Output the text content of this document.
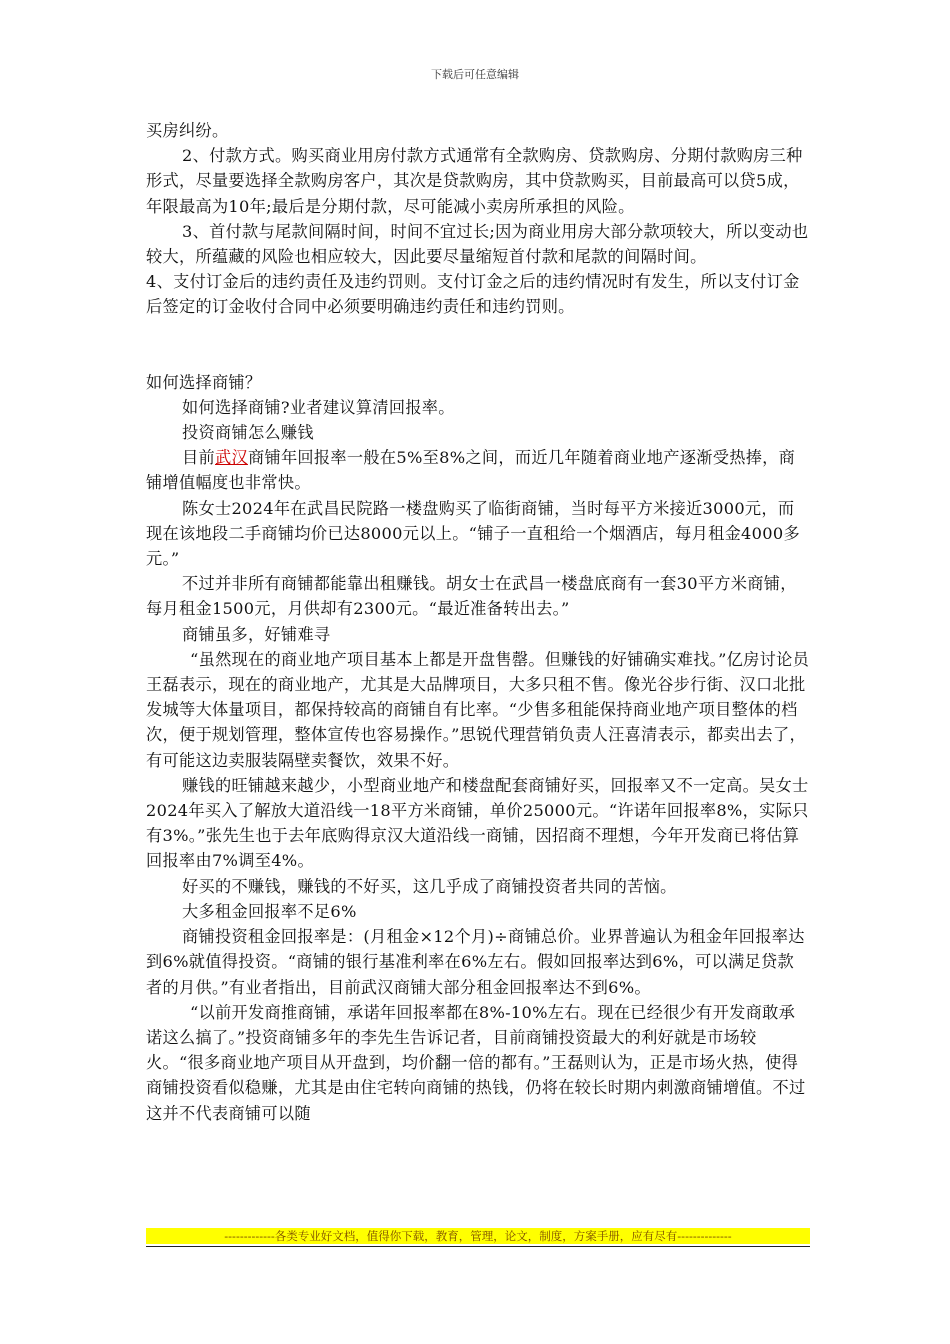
下载后可任意编辑

买房纠纷。

2、付款方式。购买商业用房付款方式通常有全款购房、贷款购房、分期付款购房三种形式，尽量要选择全款购房客户，其次是贷款购房，其中贷款购买，目前最高可以贷5成，年限最高为10年;最后是分期付款，尽可能减小卖房所承担的风险。

3、首付款与尾款间隔时间，时间不宜过长;因为商业用房大部分款项较大，所以变动也较大，所蕴藏的风险也相应较大，因此要尽量缩短首付款和尾款的间隔时间。

4、支付订金后的违约责任及违约罚则。支付订金之后的违约情况时有发生，所以支付订金后签定的订金收付合同中必须要明确违约责任和违约罚则。

如何选择商铺？

如何选择商铺?业者建议算清回报率。

投资商铺怎么赚钱

目前武汉商铺年回报率一般在5%至8%之间，而近几年随着商业地产逐渐受热捧，商铺增值幅度也非常快。

陈女士2024年在武昌民院路一楼盘购买了临街商铺，当时每平方米接近3000元，而现在该地段二手商铺均价已达8000元以上。“铺子一直租给一个烟酒店，每月租金4000多元。”

不过并非所有商铺都能靠出租赚钱。胡女士在武昌一楼盘底商有一套30平方米商铺，每月租金1500元，月供却有2300元。“最近准备转出去。”

商铺虽多，好铺难寻

“虽然现在的商业地产项目基本上都是开盘售罄。但赚钱的好铺确实难找。”亿房讨论员王磊表示，现在的商业地产，尤其是大品牌项目，大多只租不售。像光谷步行街、汉口北批发城等大体量项目，都保持较高的商铺自有比率。“少售多租能保持商业地产项目整体的档次，便于规划管理，整体宣传也容易操作。”思锐代理营销负责人汪喜清表示，都卖出去了，有可能这边卖服装隔壁卖餐饮，效果不好。

赚钱的旺铺越来越少，小型商业地产和楼盘配套商铺好买，回报率又不一定高。吴女士2024年买入了解放大道沿线一18平方米商铺，单价25000元。“许诺年回报率8%，实际只有3%。”张先生也于去年底购得京汉大道沿线一商铺，因招商不理想，今年开发商已将估算回报率由7%调至4%。

好买的不赚钱，赚钱的不好买，这几乎成了商铺投资者共同的苦恼。

大多租金回报率不足6%

商铺投资租金回报率是：(月租金×12个月)÷商铺总价。业界普遍认为租金年回报率达到6%就值得投资。“商铺的银行基准利率在6%左右。假如回报率达到6%，可以满足贷款者的月供。”有业者指出，目前武汉商铺大部分租金回报率达不到6%。

“以前开发商推商铺，承诺年回报率都在8%-10%左右。现在已经很少有开发商敢承诺这么搞了。”投资商铺多年的李先生告诉记者，目前商铺投资最大的利好就是市场较火。“很多商业地产项目从开盘到，均价翻一倍的都有。”王磊则认为，正是市场火热，使得商铺投资看似稳赚，尤其是由住宅转向商铺的热钱，仍将在较长时期内刺激商铺增值。不过这并不代表商铺可以随

-------------各类专业好文档，值得你下载，教育，管理，论文，制度，方案手册，应有尽有--------------
